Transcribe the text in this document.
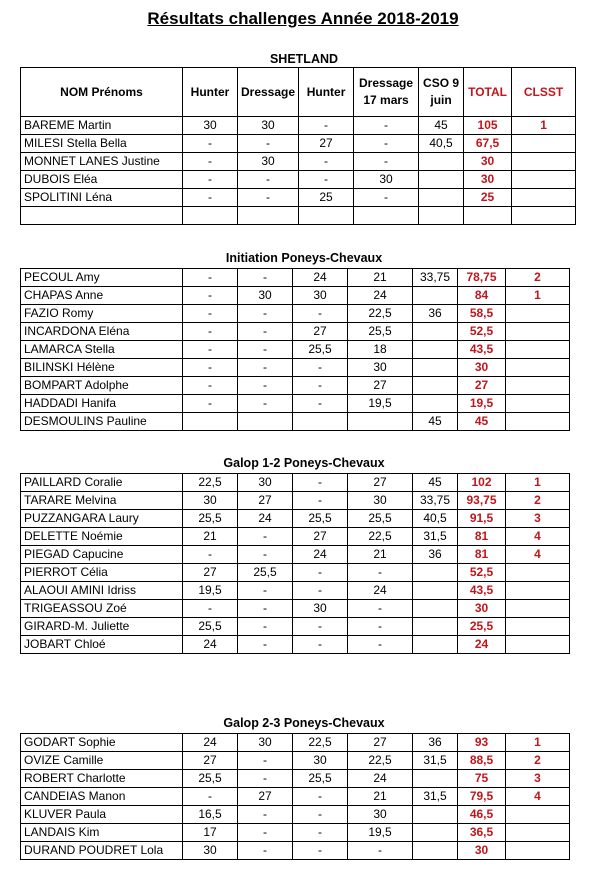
Résultats challenges Année 2018-2019
SHETLAND
NOM Prénoms	Hunter	Dressage	Hunter	Dressage 17 mars	CSO 9 juin	TOTAL	CLSST
BAREME Martin	30	30	-	-	45	105	1
MILESI Stella Bella	-	-	27	-	40,5	67,5	
MONNET LANES Justine	-	30	-	-		30	
DUBOIS Eléa	-	-	-	30		30	
SPOLITINI Léna	-	-	25	-		25	

Initiation Poneys-Chevaux
PECOUL Amy	-	-	24	21	33,75	78,75	2
CHAPAS Anne	-	30	30	24		84	1
FAZIO Romy	-	-	-	22,5	36	58,5	
INCARDONA Eléna	-	-	27	25,5		52,5	
LAMARCA Stella	-	-	25,5	18		43,5	
BILINSKI Hélène	-	-	-	30		30	
BOMPART Adolphe	-	-	-	27		27	
HADDADI Hanifa	-	-	-	19,5		19,5	
DESMOULINS Pauline					45	45	
Galop 1-2 Poneys-Chevaux
PAILLARD Coralie	22,5	30	-	27	45	102	1
TARARE Melvina	30	27	-	30	33,75	93,75	2
PUZZANGARA Laury	25,5	24	25,5	25,5	40,5	91,5	3
DELETTE Noémie	21	-	27	22,5	31,5	81	4
PIEGAD Capucine	-	-	24	21	36	81	4
PIERROT Célia	27	25,5	-	-		52,5	
ALAOUI AMINI Idriss	19,5	-	-	24		43,5	
TRIGEASSOU Zoé	-	-	30	-		30	
GIRARD-M. Juliette	25,5	-	-	-		25,5	
JOBART Chloé	24	-	-	-		24	
Galop 2-3 Poneys-Chevaux
GODART Sophie	24	30	22,5	27	36	93	1
OVIZE Camille	27	-	30	22,5	31,5	88,5	2
ROBERT Charlotte	25,5	-	25,5	24		75	3
CANDEIAS Manon	-	27	-	21	31,5	79,5	4
KLUVER Paula	16,5	-	-	30		46,5	
LANDAIS Kim	17	-	-	19,5		36,5	
DURAND POUDRET Lola	30	-	-	-		30	
